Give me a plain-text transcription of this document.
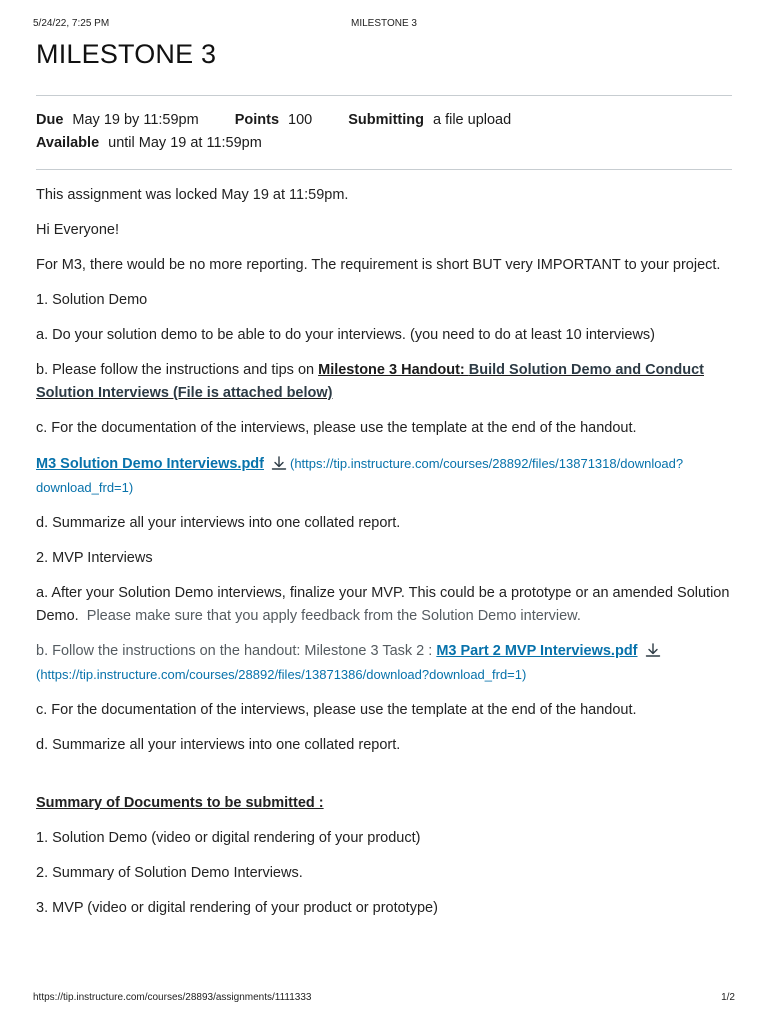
5/24/22, 7:25 PM	MILESTONE 3
MILESTONE 3
Due May 19 by 11:59pm Points 100 Submitting a file upload
Available until May 19 at 11:59pm

This assignment was locked May 19 at 11:59pm.

Hi Everyone!

For M3, there would be no more reporting. The requirement is short BUT very IMPORTANT to your project.

1. Solution Demo

a. Do your solution demo to be able to do your interviews. (you need to do at least 10 interviews)

b. Please follow the instructions and tips on Milestone 3 Handout: Build Solution Demo and Conduct Solution Interviews (File is attached below)

c. For the documentation of the interviews, please use the template at the end of the handout.

M3 Solution Demo Interviews.pdf (https://tip.instructure.com/courses/28892/files/13871318/download?download_frd=1)

d. Summarize all your interviews into one collated report.

2. MVP Interviews

a. After your Solution Demo interviews, finalize your MVP. This could be a prototype or an amended Solution Demo. Please make sure that you apply feedback from the Solution Demo interview.

b. Follow the instructions on the handout: Milestone 3 Task 2 : M3 Part 2 MVP Interviews.pdf
(https://tip.instructure.com/courses/28892/files/13871386/download?download_frd=1)

c. For the documentation of the interviews, please use the template at the end of the handout.

d. Summarize all your interviews into one collated report.

Summary of Documents to be submitted :

1. Solution Demo (video or digital rendering of your product)

2. Summary of Solution Demo Interviews.

3. MVP (video or digital rendering of your product or prototype)

https://tip.instructure.com/courses/28893/assignments/1111333	1/2
